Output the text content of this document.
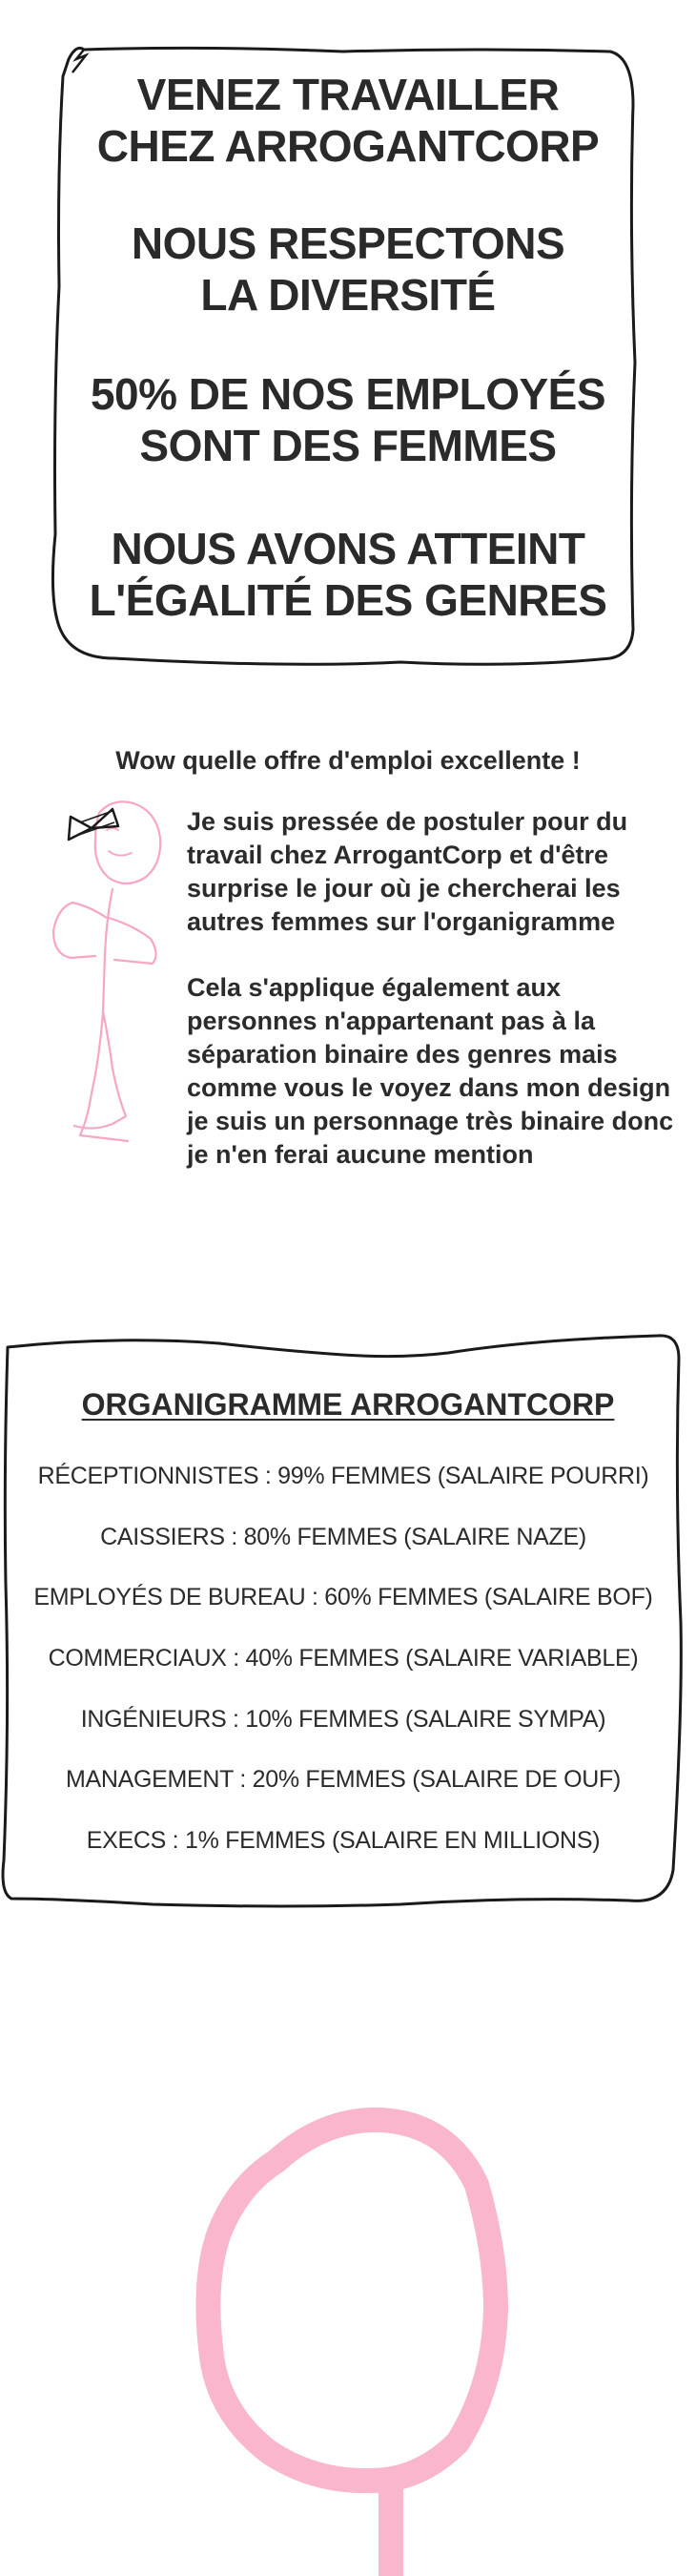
VENEZ TRAVAILLER
CHEZ ARROGANTCORP
NOUS RESPECTONS
LA DIVERSITÉ
50% DE NOS EMPLOYÉS
SONT DES FEMMES
NOUS AVONS ATTEINT
L'ÉGALITÉ DES GENRES
Wow quelle offre d'emploi excellente !
Je suis pressée de postuler pour du
travail chez ArrogantCorp et d'être
surprise le jour où je chercherai les
autres femmes sur l'organigramme
Cela s'applique également aux
personnes n'appartenant pas à la
séparation binaire des genres mais
comme vous le voyez dans mon design
je suis un personnage très binaire donc
je n'en ferai aucune mention
ORGANIGRAMME ARROGANTCORP
RÉCEPTIONNISTES : 99% FEMMES (SALAIRE POURRI)
CAISSIERS : 80% FEMMES (SALAIRE NAZE)
EMPLOYÉS DE BUREAU : 60% FEMMES (SALAIRE BOF)
COMMERCIAUX : 40% FEMMES (SALAIRE VARIABLE)
INGÉNIEURS : 10% FEMMES (SALAIRE SYMPA)
MANAGEMENT : 20% FEMMES (SALAIRE DE OUF)
EXECS : 1% FEMMES (SALAIRE EN MILLIONS)
